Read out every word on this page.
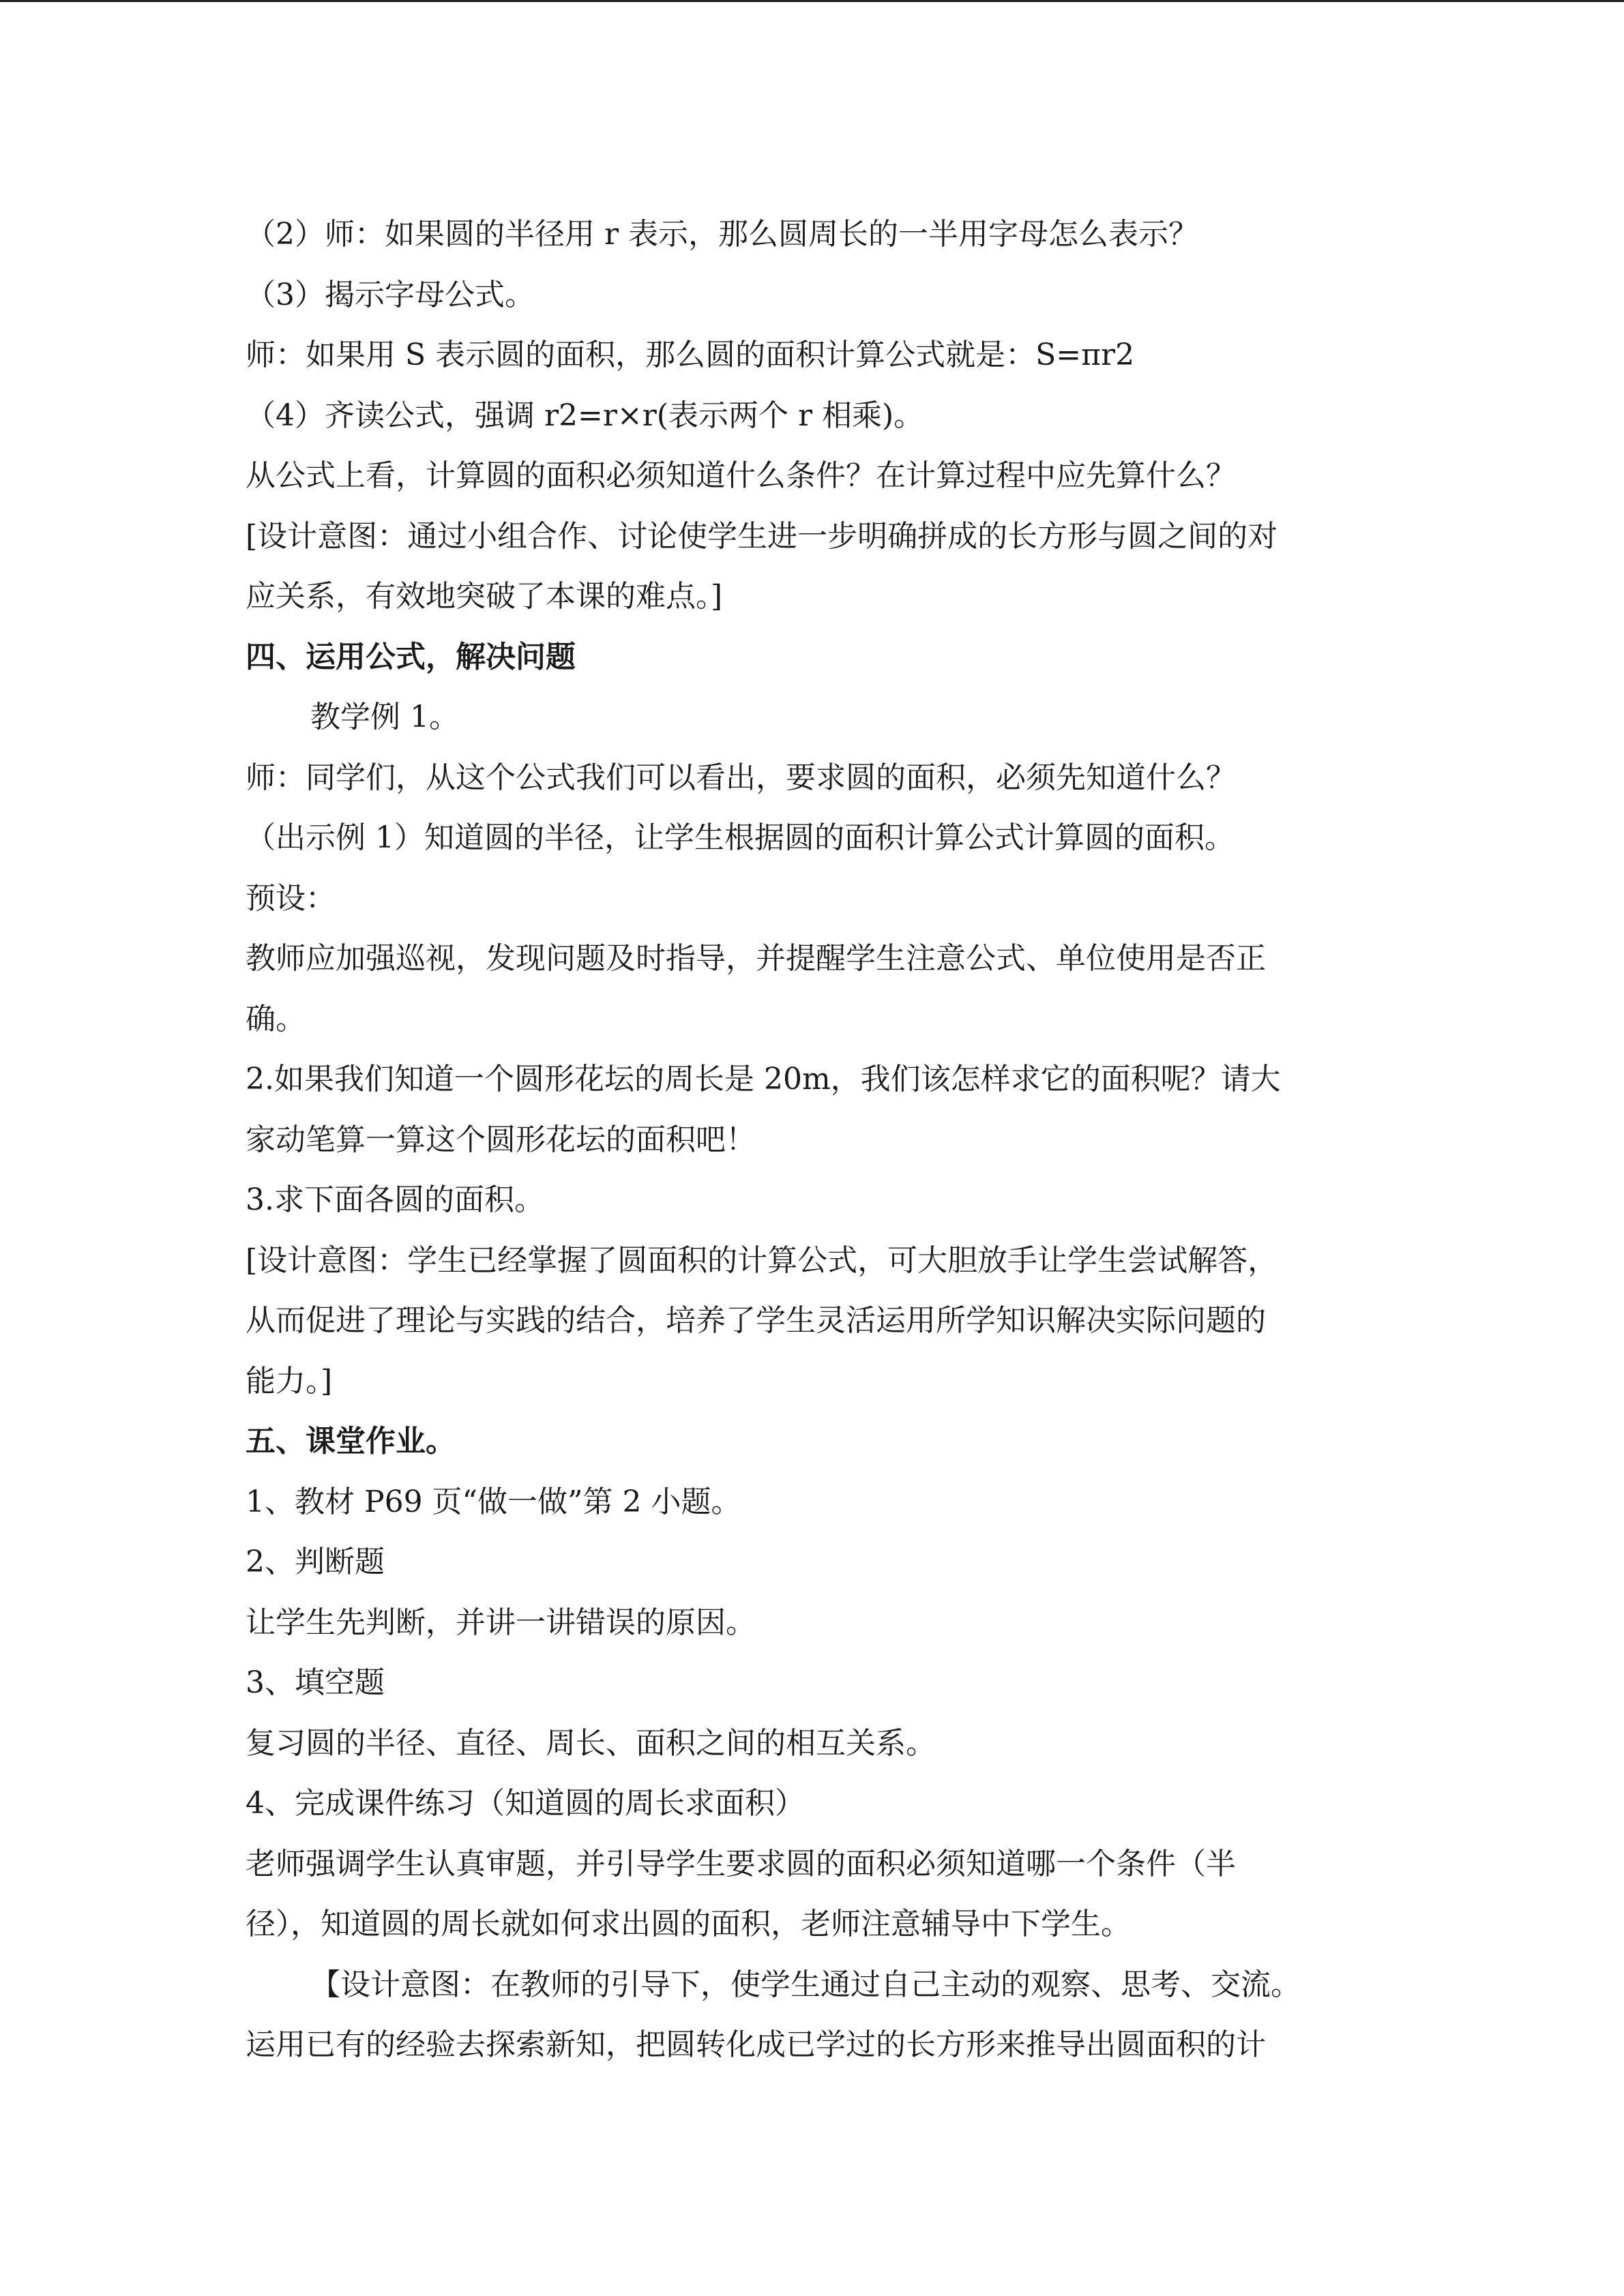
（2）师：如果圆的半径用 r 表示，那么圆周长的一半用字母怎么表示？
（3）揭示字母公式。
师：如果用 S 表示圆的面积，那么圆的面积计算公式就是：S=πr2
（4）齐读公式，强调 r2=r×r(表示两个 r 相乘)。
从公式上看，计算圆的面积必须知道什么条件？在计算过程中应先算什么？
[设计意图：通过小组合作、讨论使学生进一步明确拼成的长方形与圆之间的对
应关系，有效地突破了本课的难点。]
四、运用公式，解决问题
教学例 1。
师：同学们，从这个公式我们可以看出，要求圆的面积，必须先知道什么？
（出示例 1）知道圆的半径，让学生根据圆的面积计算公式计算圆的面积。
预设：
教师应加强巡视，发现问题及时指导，并提醒学生注意公式、单位使用是否正
确。
2.如果我们知道一个圆形花坛的周长是 20m，我们该怎样求它的面积呢？请大
家动笔算一算这个圆形花坛的面积吧！
3.求下面各圆的面积。
[设计意图：学生已经掌握了圆面积的计算公式，可大胆放手让学生尝试解答，
从而促进了理论与实践的结合，培养了学生灵活运用所学知识解决实际问题的
能力。]
五、课堂作业。
1、教材 P69 页“做一做”第 2 小题。
2、判断题
让学生先判断，并讲一讲错误的原因。
3、填空题
复习圆的半径、直径、周长、面积之间的相互关系。
4、完成课件练习（知道圆的周长求面积）
老师强调学生认真审题，并引导学生要求圆的面积必须知道哪一个条件（半
径），知道圆的周长就如何求出圆的面积，老师注意辅导中下学生。
【设计意图：在教师的引导下，使学生通过自己主动的观察、思考、交流。
运用已有的经验去探索新知，把圆转化成已学过的长方形来推导出圆面积的计
